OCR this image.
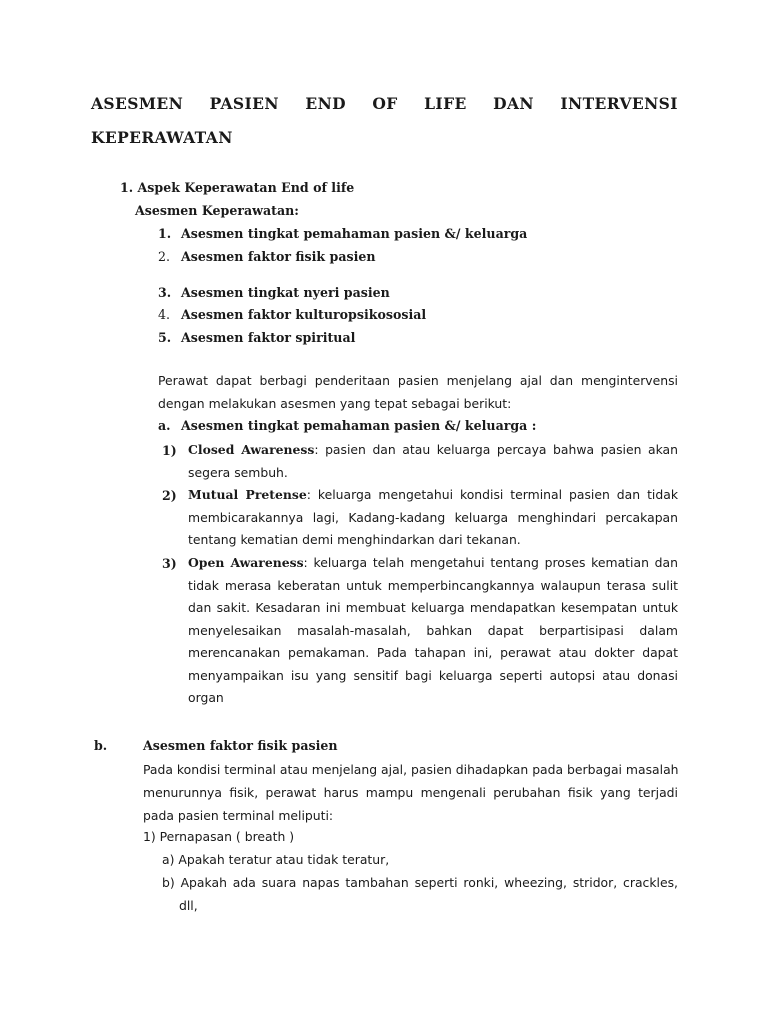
ASESMEN PASIEN END OF LIFE DAN INTERVENSI
KEPERAWATAN
1. Aspek Keperawatan End of life
Asesmen Keperawatan:
1. Asesmen tingkat pemahaman pasien &/ keluarga
2. Asesmen faktor fisik pasien
3. Asesmen tingkat nyeri pasien
4. Asesmen faktor kulturopsikososial
5. Asesmen faktor spiritual
Perawat dapat berbagi penderitaan pasien menjelang ajal dan mengintervensi
dengan melakukan asesmen yang tepat sebagai berikut:
a. Asesmen tingkat pemahaman pasien &/ keluarga :
1) Closed Awareness: pasien dan atau keluarga percaya bahwa pasien akan
segera sembuh.
2) Mutual Pretense: keluarga mengetahui kondisi terminal pasien dan tidak
membicarakannya lagi, Kadang-kadang keluarga menghindari percakapan
tentang kematian demi menghindarkan dari tekanan.
3) Open Awareness: keluarga telah mengetahui tentang proses kematian dan
tidak merasa keberatan untuk memperbincangkannya walaupun terasa sulit
dan sakit. Kesadaran ini membuat keluarga mendapatkan kesempatan untuk
menyelesaikan masalah-masalah, bahkan dapat berpartisipasi dalam
merencanakan pemakaman. Pada tahapan ini, perawat atau dokter dapat
menyampaikan isu yang sensitif bagi keluarga seperti autopsi atau donasi
organ
b.	Asesmen faktor fisik pasien
Pada kondisi terminal atau menjelang ajal, pasien dihadapkan pada berbagai masalah
menurunnya fisik, perawat harus mampu mengenali perubahan fisik yang terjadi
pada pasien terminal meliputi:
1) Pernapasan ( breath )
a) Apakah teratur atau tidak teratur,
b) Apakah ada suara napas tambahan seperti ronki, wheezing, stridor, crackles,
dll,
